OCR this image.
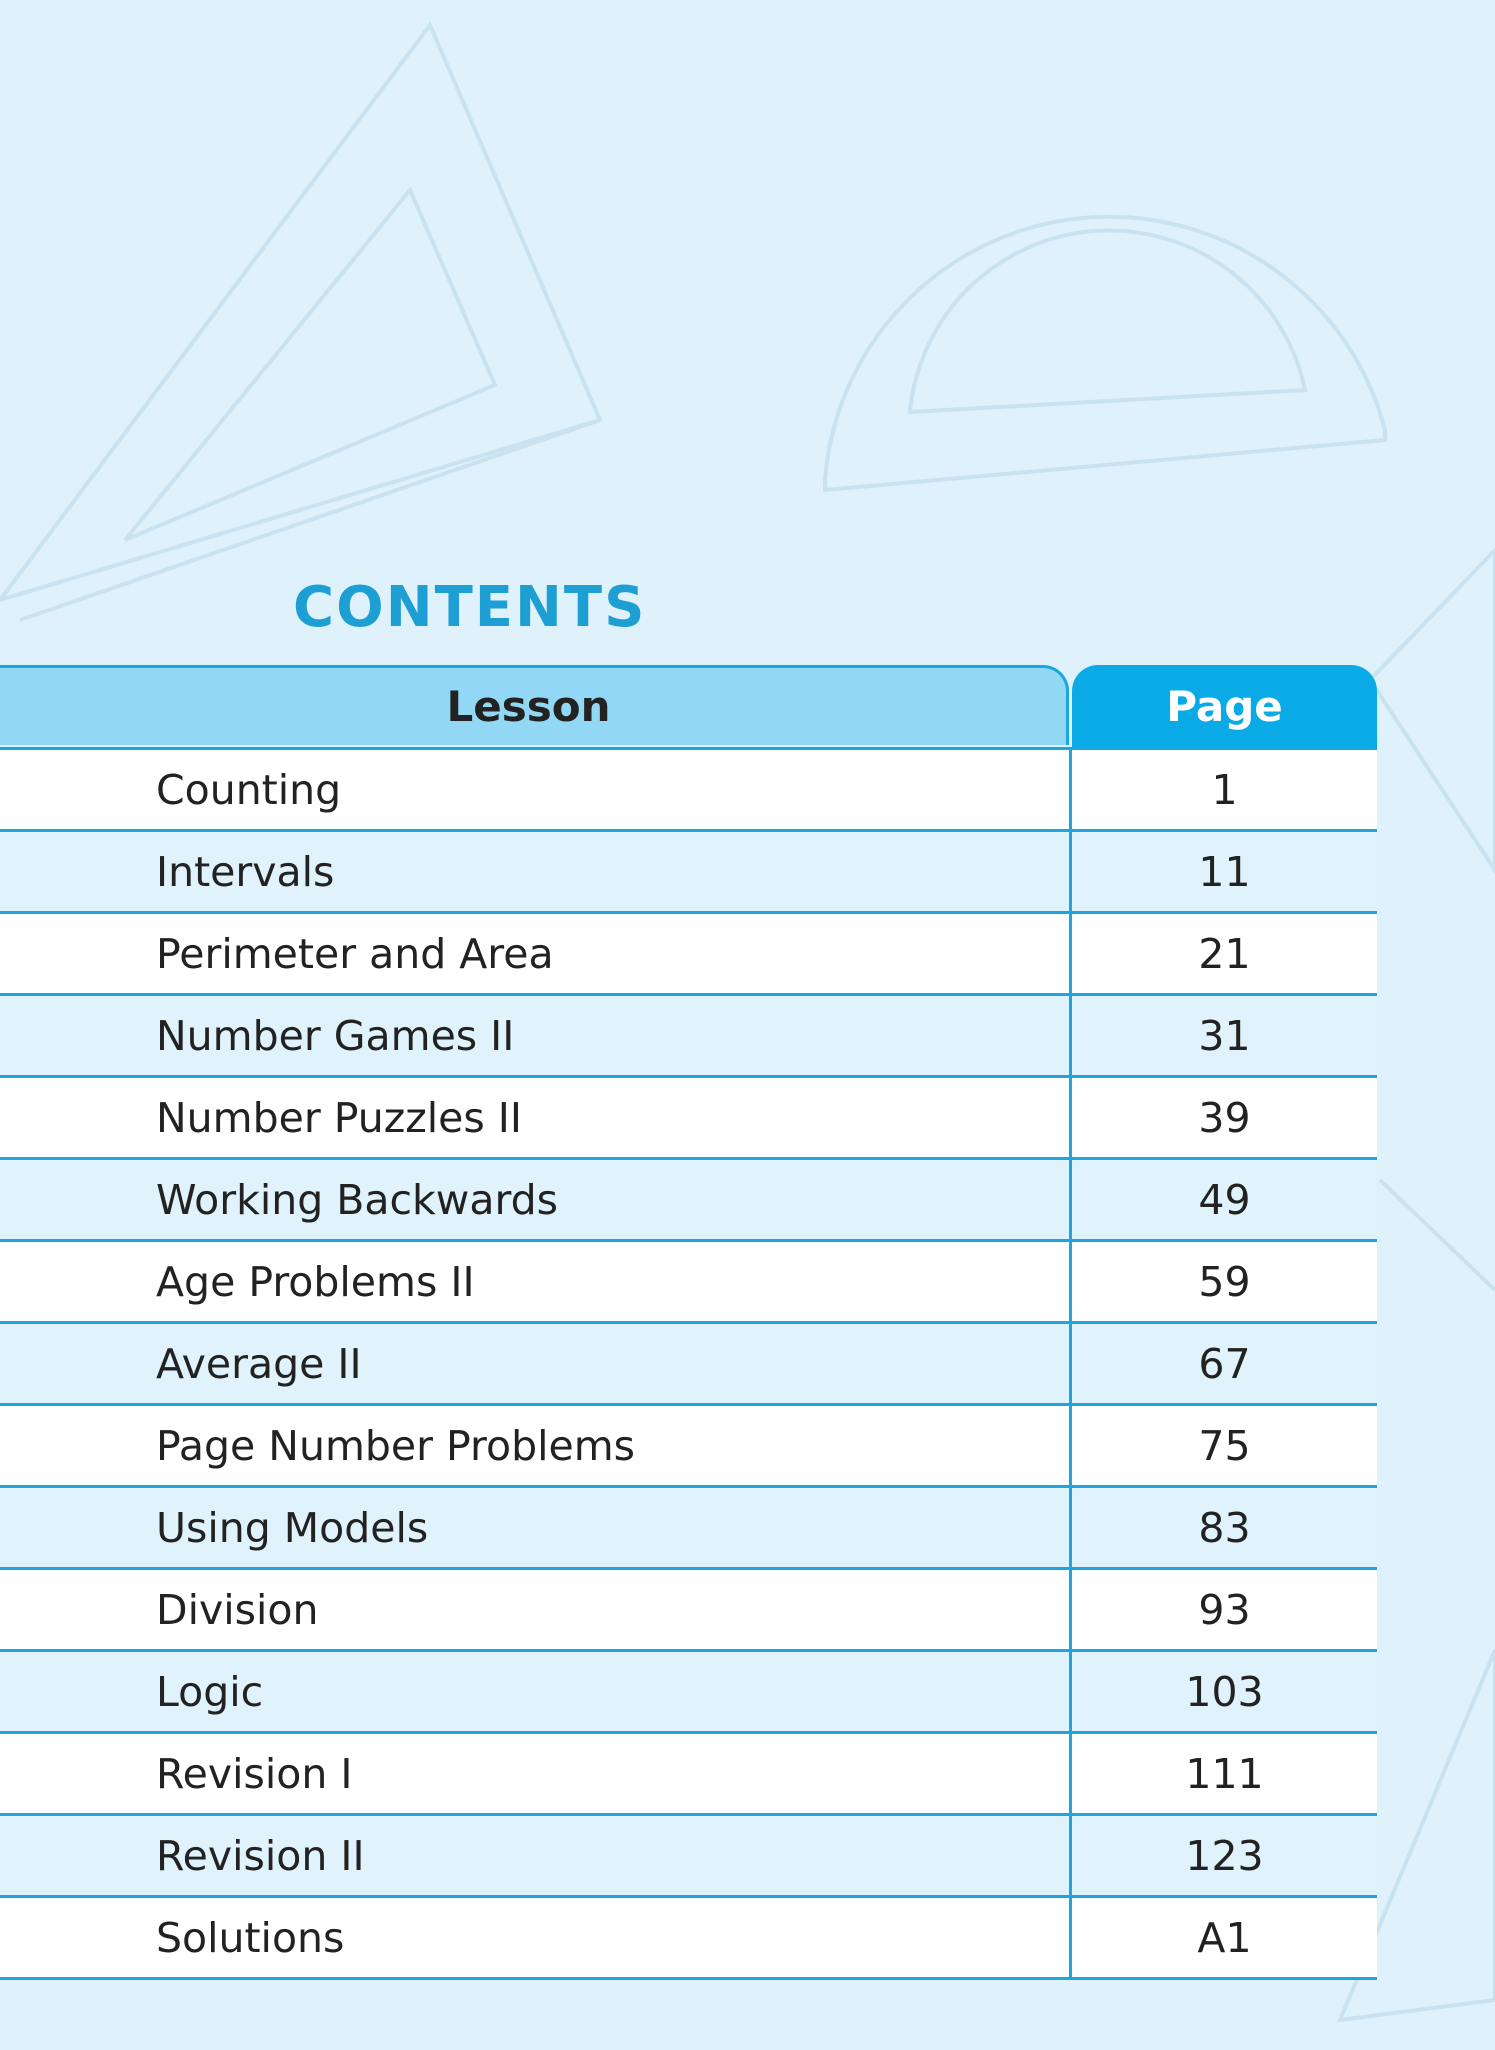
CONTENTS
Lesson	Page
Counting	1
Intervals	11
Perimeter and Area	21
Number Games II	31
Number Puzzles II	39
Working Backwards	49
Age Problems II	59
Average II	67
Page Number Problems	75
Using Models	83
Division	93
Logic	103
Revision I	111
Revision II	123
Solutions	A1
